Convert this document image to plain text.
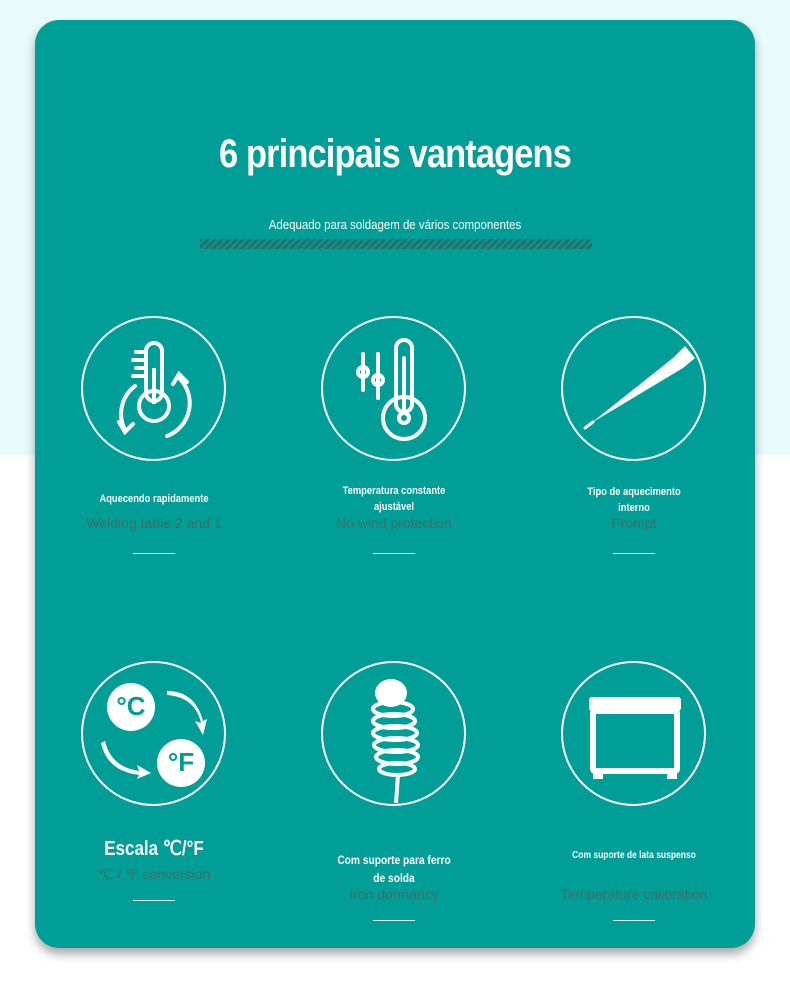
6 principais vantagens
Adequado para soldagem de vários componentes
Aquecendo rapidamente
Welding table 2 and 1
Temperatura constante ajustável
No wind protection
Tipo de aquecimento interno
Prompt
°C
°F
Escala ℃/°F
℃ / ℉ conversion
Com suporte para ferro de solda
Iron dormancy
Com suporte de lata suspenso
Temperature calibration
